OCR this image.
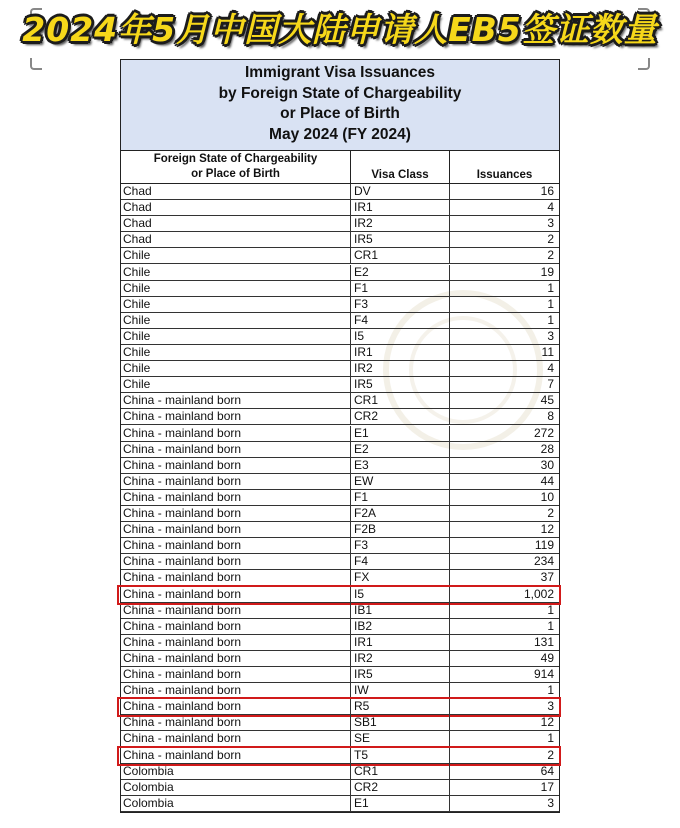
2024年5月中国大陆申请人EB5签证数量
Immigrant Visa Issuances
by Foreign State of Chargeability
or Place of Birth
May 2024 (FY 2024)
Foreign State of Chargeability
or Place of Birth	Visa Class	Issuances
Chad	DV	16
Chad	IR1	4
Chad	IR2	3
Chad	IR5	2
Chile	CR1	2
Chile	E2	19
Chile	F1	1
Chile	F3	1
Chile	F4	1
Chile	I5	3
Chile	IR1	11
Chile	IR2	4
Chile	IR5	7
China - mainland born	CR1	45
China - mainland born	CR2	8
China - mainland born	E1	272
China - mainland born	E2	28
China - mainland born	E3	30
China - mainland born	EW	44
China - mainland born	F1	10
China - mainland born	F2A	2
China - mainland born	F2B	12
China - mainland born	F3	119
China - mainland born	F4	234
China - mainland born	FX	37
China - mainland born	I5	1,002
China - mainland born	IB1	1
China - mainland born	IB2	1
China - mainland born	IR1	131
China - mainland born	IR2	49
China - mainland born	IR5	914
China - mainland born	IW	1
China - mainland born	R5	3
China - mainland born	SB1	12
China - mainland born	SE	1
China - mainland born	T5	2
Colombia	CR1	64
Colombia	CR2	17
Colombia	E1	3
